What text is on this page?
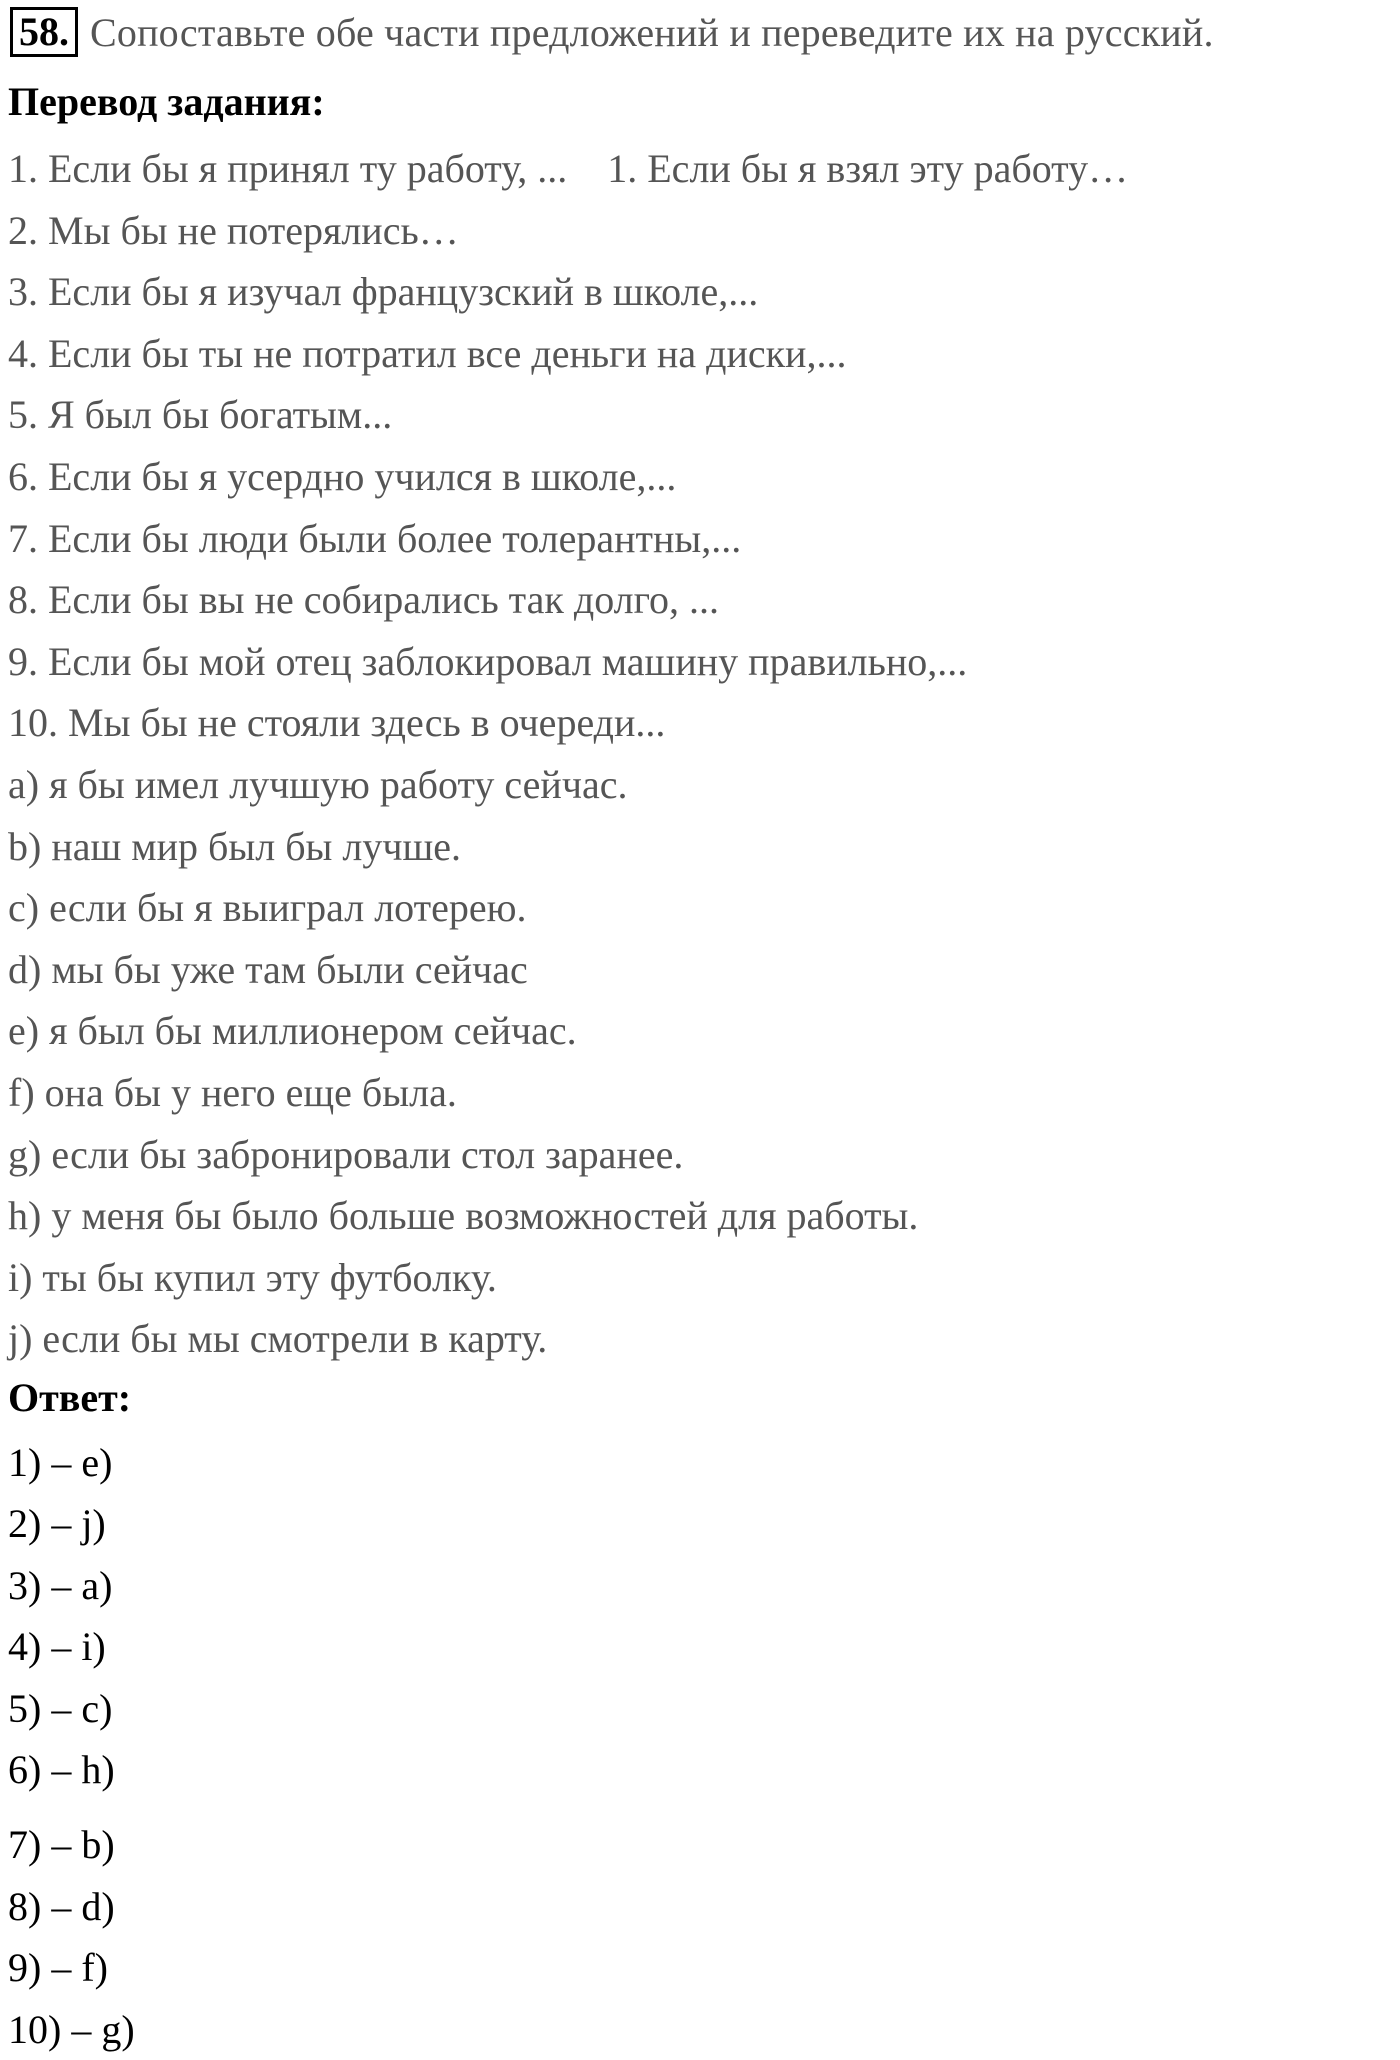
58. Сопоставьте обе части предложений и переведите их на русский.
Перевод задания:
1. Если бы я принял ту работу, ... 1. Если бы я взял эту работу…
2. Мы бы не потерялись…
3. Если бы я изучал французский в школе,...
4. Если бы ты не потратил все деньги на диски,...
5. Я был бы богатым...
6. Если бы я усердно учился в школе,...
7. Если бы люди были более толерантны,...
8. Если бы вы не собирались так долго, ...
9. Если бы мой отец заблокировал машину правильно,...
10. Мы бы не стояли здесь в очереди...
a) я бы имел лучшую работу сейчас.
b) наш мир был бы лучше.
c) если бы я выиграл лотерею.
d) мы бы уже там были сейчас
e) я был бы миллионером сейчас.
f) она бы у него еще была.
g) если бы забронировали стол заранее.
h) у меня бы было больше возможностей для работы.
i) ты бы купил эту футболку.
j) если бы мы смотрели в карту.
Ответ:
1) – e)
2) – j)
3) – a)
4) – i)
5) – c)
6) – h)
7) – b)
8) – d)
9) – f)
10) – g)
